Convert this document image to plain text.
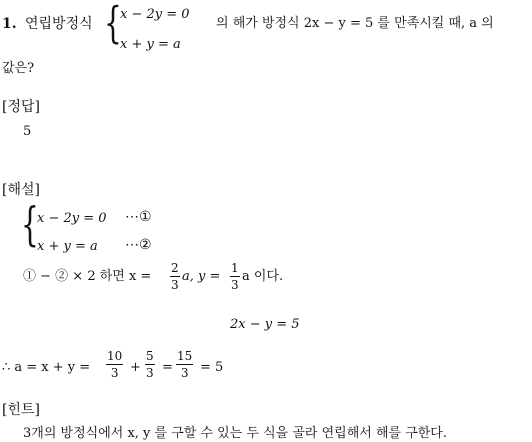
1. 연립방정식 {
x − 2y = 0
x + y = a
의 해가 방정식 2x − y = 5 를 만족시킬 때, a 의
값은?
[정답]
5
[해설]
{
x − 2y = 0 ⋯①
x + y = a ⋯②
① − ② × 2 하면 $x = \frac{2}{3} a$, $y = \frac{1}{3}$ a 이다.
2x − y = 5
∴ $a = x + y = \frac{10}{3} + \frac{5}{3} = \frac{15}{3} = 5$
[힌트]
3개의 방정식에서 x, y 를 구할 수 있는 두 식을 골라 연립해서 해를 구한다.
